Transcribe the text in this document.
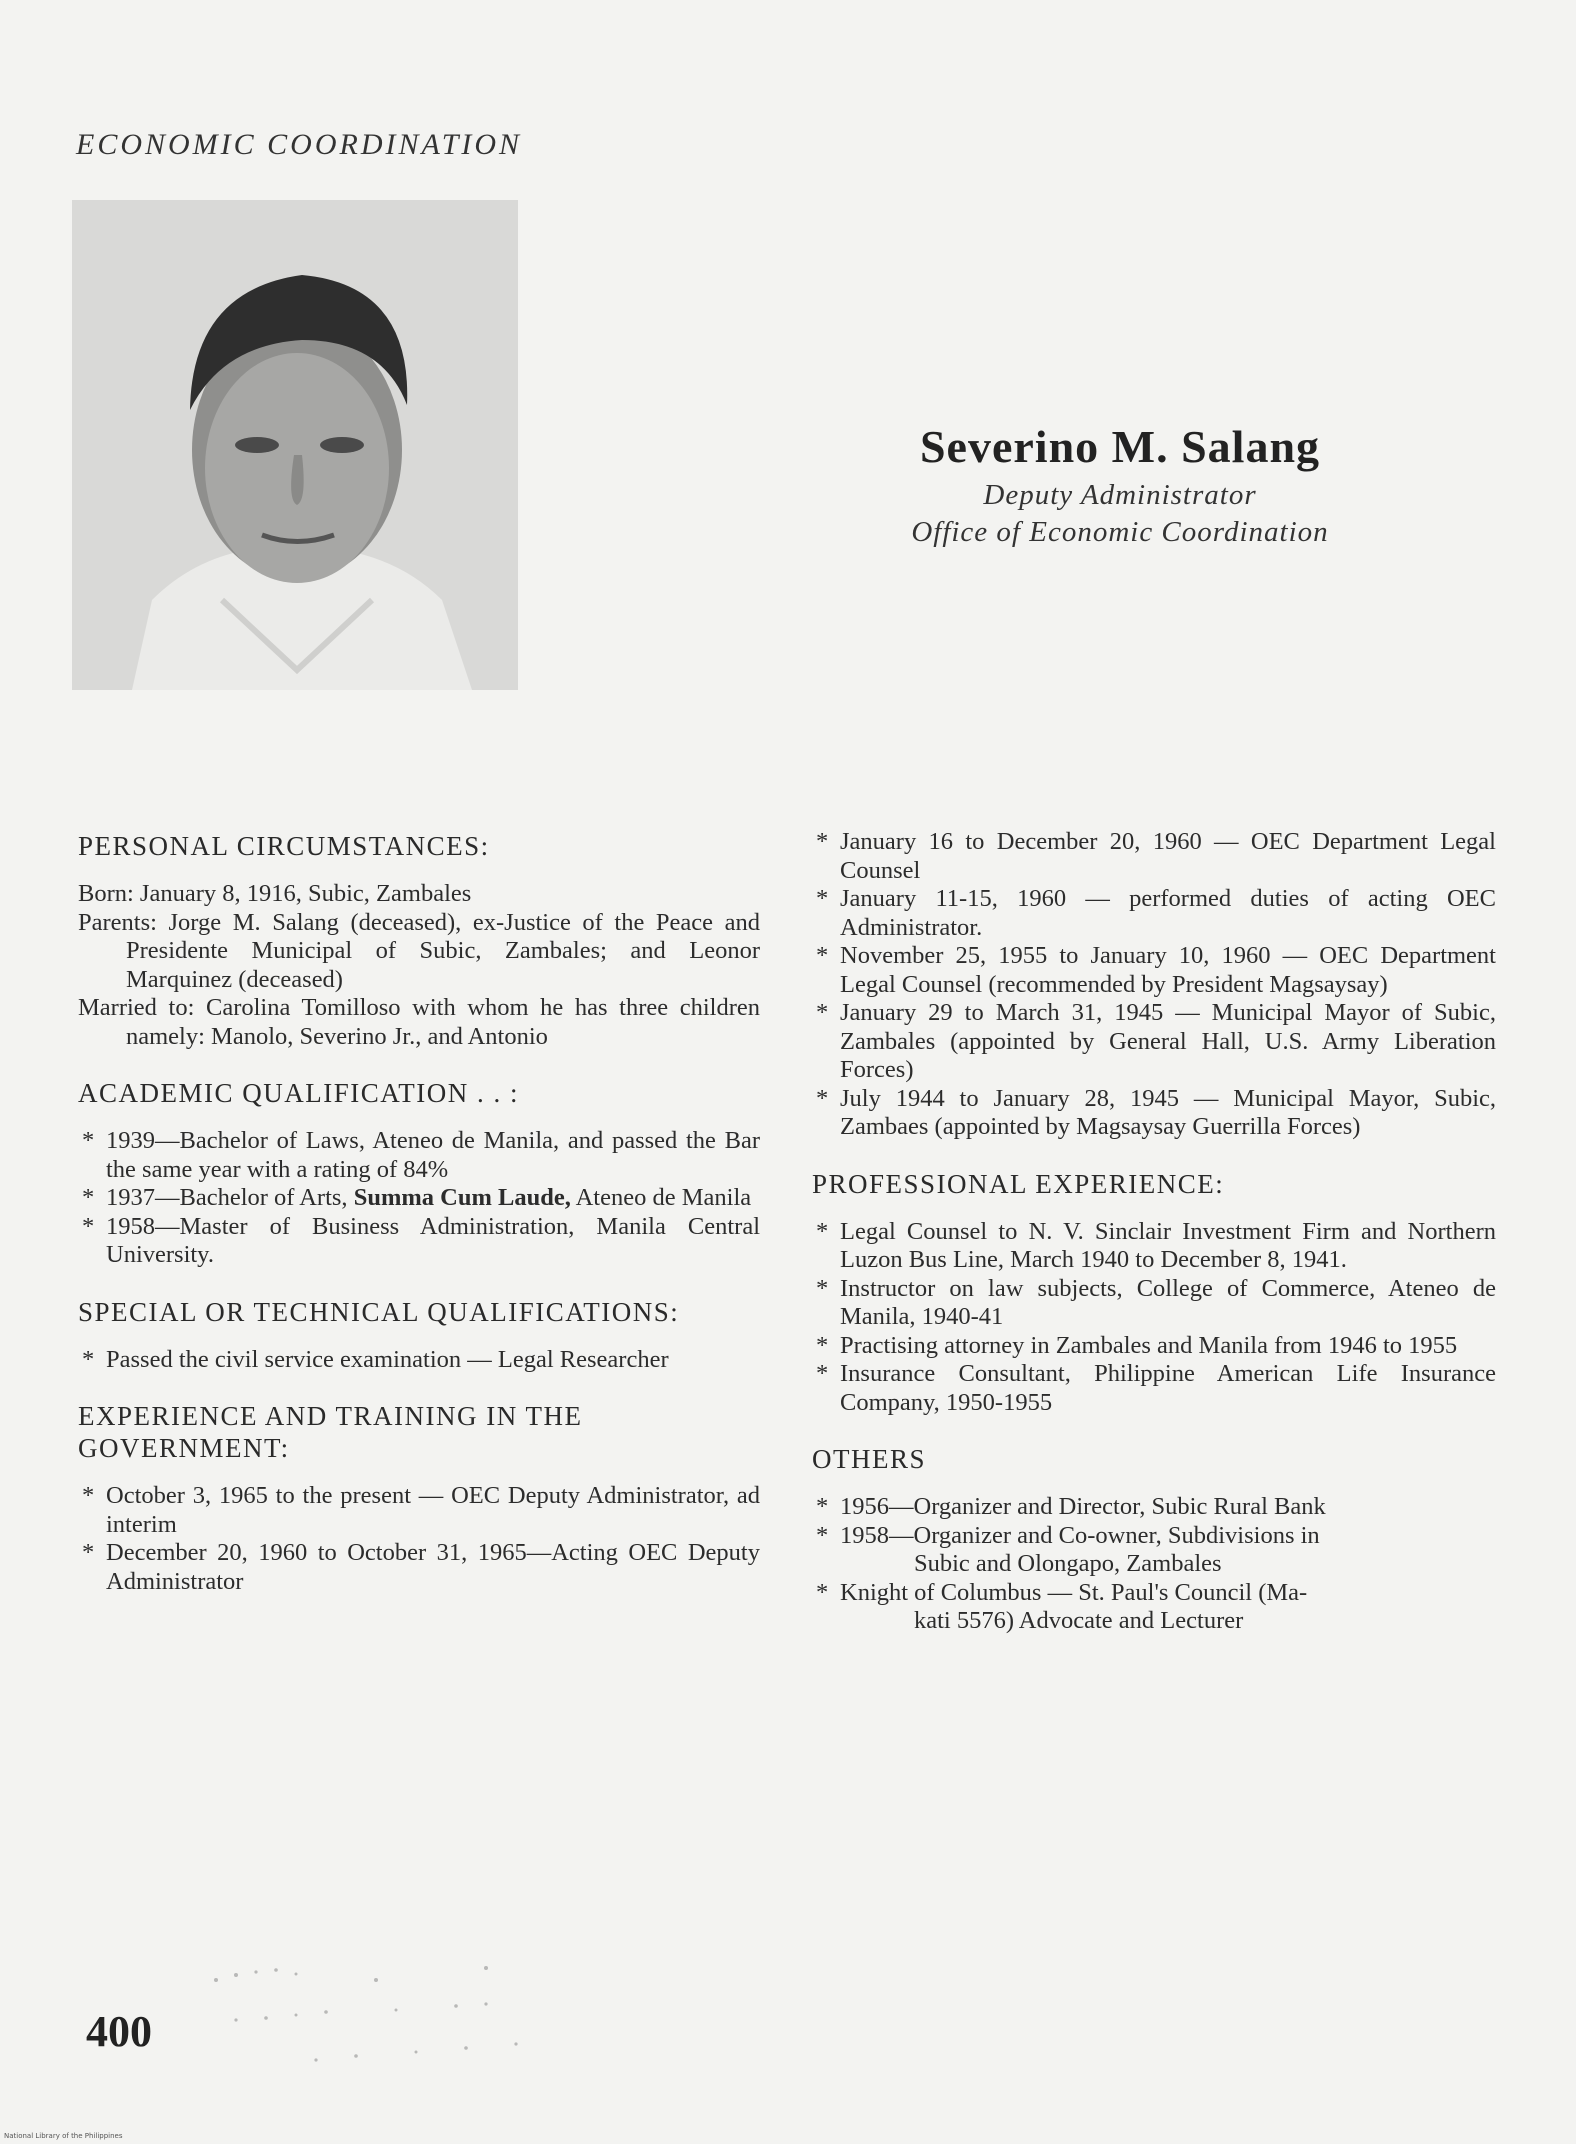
ECONOMIC COORDINATION
Severino M. Salang
Deputy Administrator
Office of Economic Coordination
PERSONAL CIRCUMSTANCES:
Born: January 8, 1916, Subic, Zambales
Parents: Jorge M. Salang (deceased), ex-Justice of the Peace and Presidente Municipal of Subic, Zambales; and Leonor Marquinez (deceased)
Married to: Carolina Tomilloso with whom he has three children namely: Manolo, Severino Jr., and Antonio
ACADEMIC QUALIFICATION . . :
* 1939—Bachelor of Laws, Ateneo de Manila, and passed the Bar the same year with a rating of 84%
* 1937—Bachelor of Arts, Summa Cum Laude, Ateneo de Manila
* 1958—Master of Business Administration, Manila Central University.
SPECIAL OR TECHNICAL QUALIFICATIONS:
* Passed the civil service examination — Legal Researcher
EXPERIENCE AND TRAINING IN THE GOVERNMENT:
* October 3, 1965 to the present — OEC Deputy Administrator, ad interim
* December 20, 1960 to October 31, 1965—Acting OEC Deputy Administrator
* January 16 to December 20, 1960 — OEC Department Legal Counsel
* January 11-15, 1960 — performed duties of acting OEC Administrator.
* November 25, 1955 to January 10, 1960 — OEC Department Legal Counsel (recommended by President Magsaysay)
* January 29 to March 31, 1945 — Municipal Mayor of Subic, Zambales (appointed by General Hall, U.S. Army Liberation Forces)
* July 1944 to January 28, 1945 — Municipal Mayor, Subic, Zambaes (appointed by Magsaysay Guerrilla Forces)
PROFESSIONAL EXPERIENCE:
* Legal Counsel to N. V. Sinclair Investment Firm and Northern Luzon Bus Line, March 1940 to December 8, 1941.
* Instructor on law subjects, College of Commerce, Ateneo de Manila, 1940-41
* Practising attorney in Zambales and Manila from 1946 to 1955
* Insurance Consultant, Philippine American Life Insurance Company, 1950-1955
OTHERS
* 1956—Organizer and Director, Subic Rural Bank
* 1958—Organizer and Co-owner, Subdivisions in
Subic and Olongapo, Zambales
* Knight of Columbus — St. Paul's Council (Ma-
kati 5576) Advocate and Lecturer
400
National Library of the Philippines
